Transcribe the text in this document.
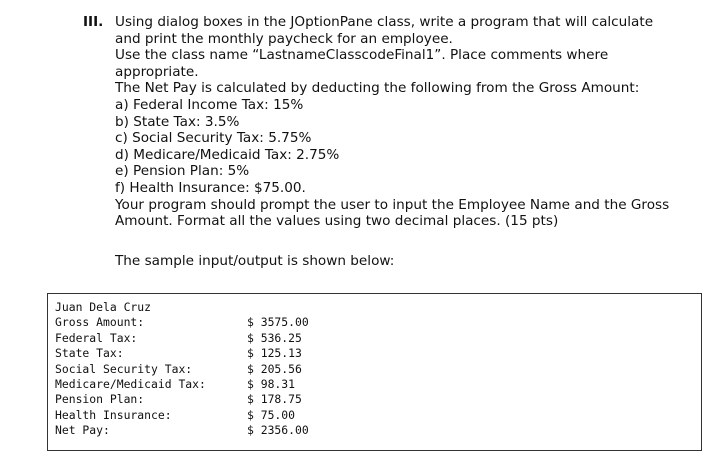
III. Using dialog boxes in the JOptionPane class, write a program that will calculate
and print the monthly paycheck for an employee.
Use the class name “LastnameClasscodeFinal1”. Place comments where
appropriate.
The Net Pay is calculated by deducting the following from the Gross Amount:
a) Federal Income Tax: 15%
b) State Tax: 3.5%
c) Social Security Tax: 5.75%
d) Medicare/Medicaid Tax: 2.75%
e) Pension Plan: 5%
f) Health Insurance: $75.00.
Your program should prompt the user to input the Employee Name and the Gross
Amount. Format all the values using two decimal places. (15 pts)
The sample input/output is shown below:
Juan Dela Cruz
Gross Amount:	$ 3575.00
Federal Tax:	$ 536.25
State Tax:	$ 125.13
Social Security Tax:	$ 205.56
Medicare/Medicaid Tax:	$ 98.31
Pension Plan:	$ 178.75
Health Insurance:	$ 75.00
Net Pay:	$ 2356.00
